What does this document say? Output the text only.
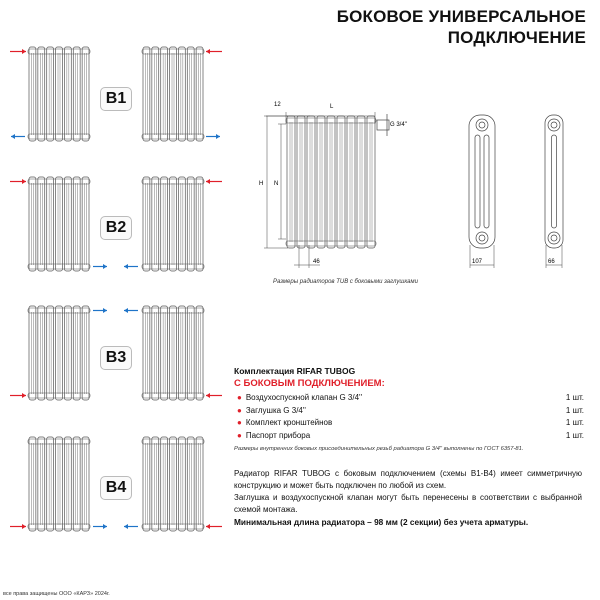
БОКОВОЕ УНИВЕРСАЛЬНОЕ
ПОДКЛЮЧЕНИЕ
B1
B2
B3
B4
12	L
H N
46
G 3/4''
107	66
Размеры радиаторов TUB с боковыми заглушками
Комплектация RIFAR TUBOG
С БОКОВЫМ ПОДКЛЮЧЕНИЕМ:
● Воздухоспускной клапан G 3/4''	1 шт.
● Заглушка G 3/4''	1 шт.
● Комплект кронштейнов	1 шт.
● Паспорт прибора	1 шт.
Размеры внутренних боковых присоединительных резьб радиатора G 3/4'' выполнены по ГОСТ 6357-81.

Радиатор RIFAR TUBOG с боковым подключением (схемы В1-В4) имеет симметричную конструкцию и может быть подключен по любой из схем.

Заглушка и воздухоспускной клапан могут быть перенесены в соответствии с выбранной схемой монтажа.

Минимальная длина радиатора – 98 мм (2 секции) без учета арматуры.

все права защищены ООО «КАРЗ» 2024г.
